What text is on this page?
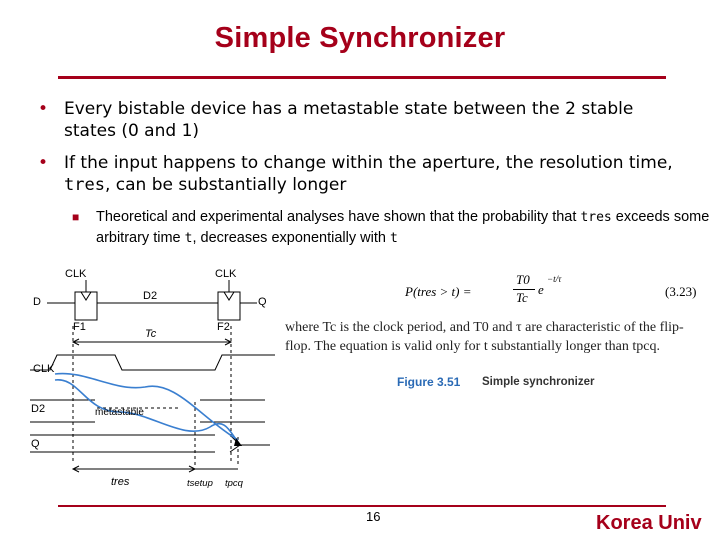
Simple Synchronizer
• Every bistable device has a metastable state between the 2 stable states (0 and 1)
• If the input happens to change within the aperture, the resolution time, tres, can be substantially longer
■ Theoretical and experimental analyses have shown that the probability that tres exceeds some arbitrary time t, decreases exponentially with t
CLK	CLK
D	D2	Q
F1	F2
Tc
CLK
D2
Q
metastable
tres	tsetup tpcq
P(tres > t) =
T0
Tc
e
−t/τ
(3.23)
where Tc is the clock period, and T0 and τ are characteristic of the flip-
flop. The equation is valid only for t substantially longer than tpcq.
Figure 3.51 Simple synchronizer
16	Korea Univ
